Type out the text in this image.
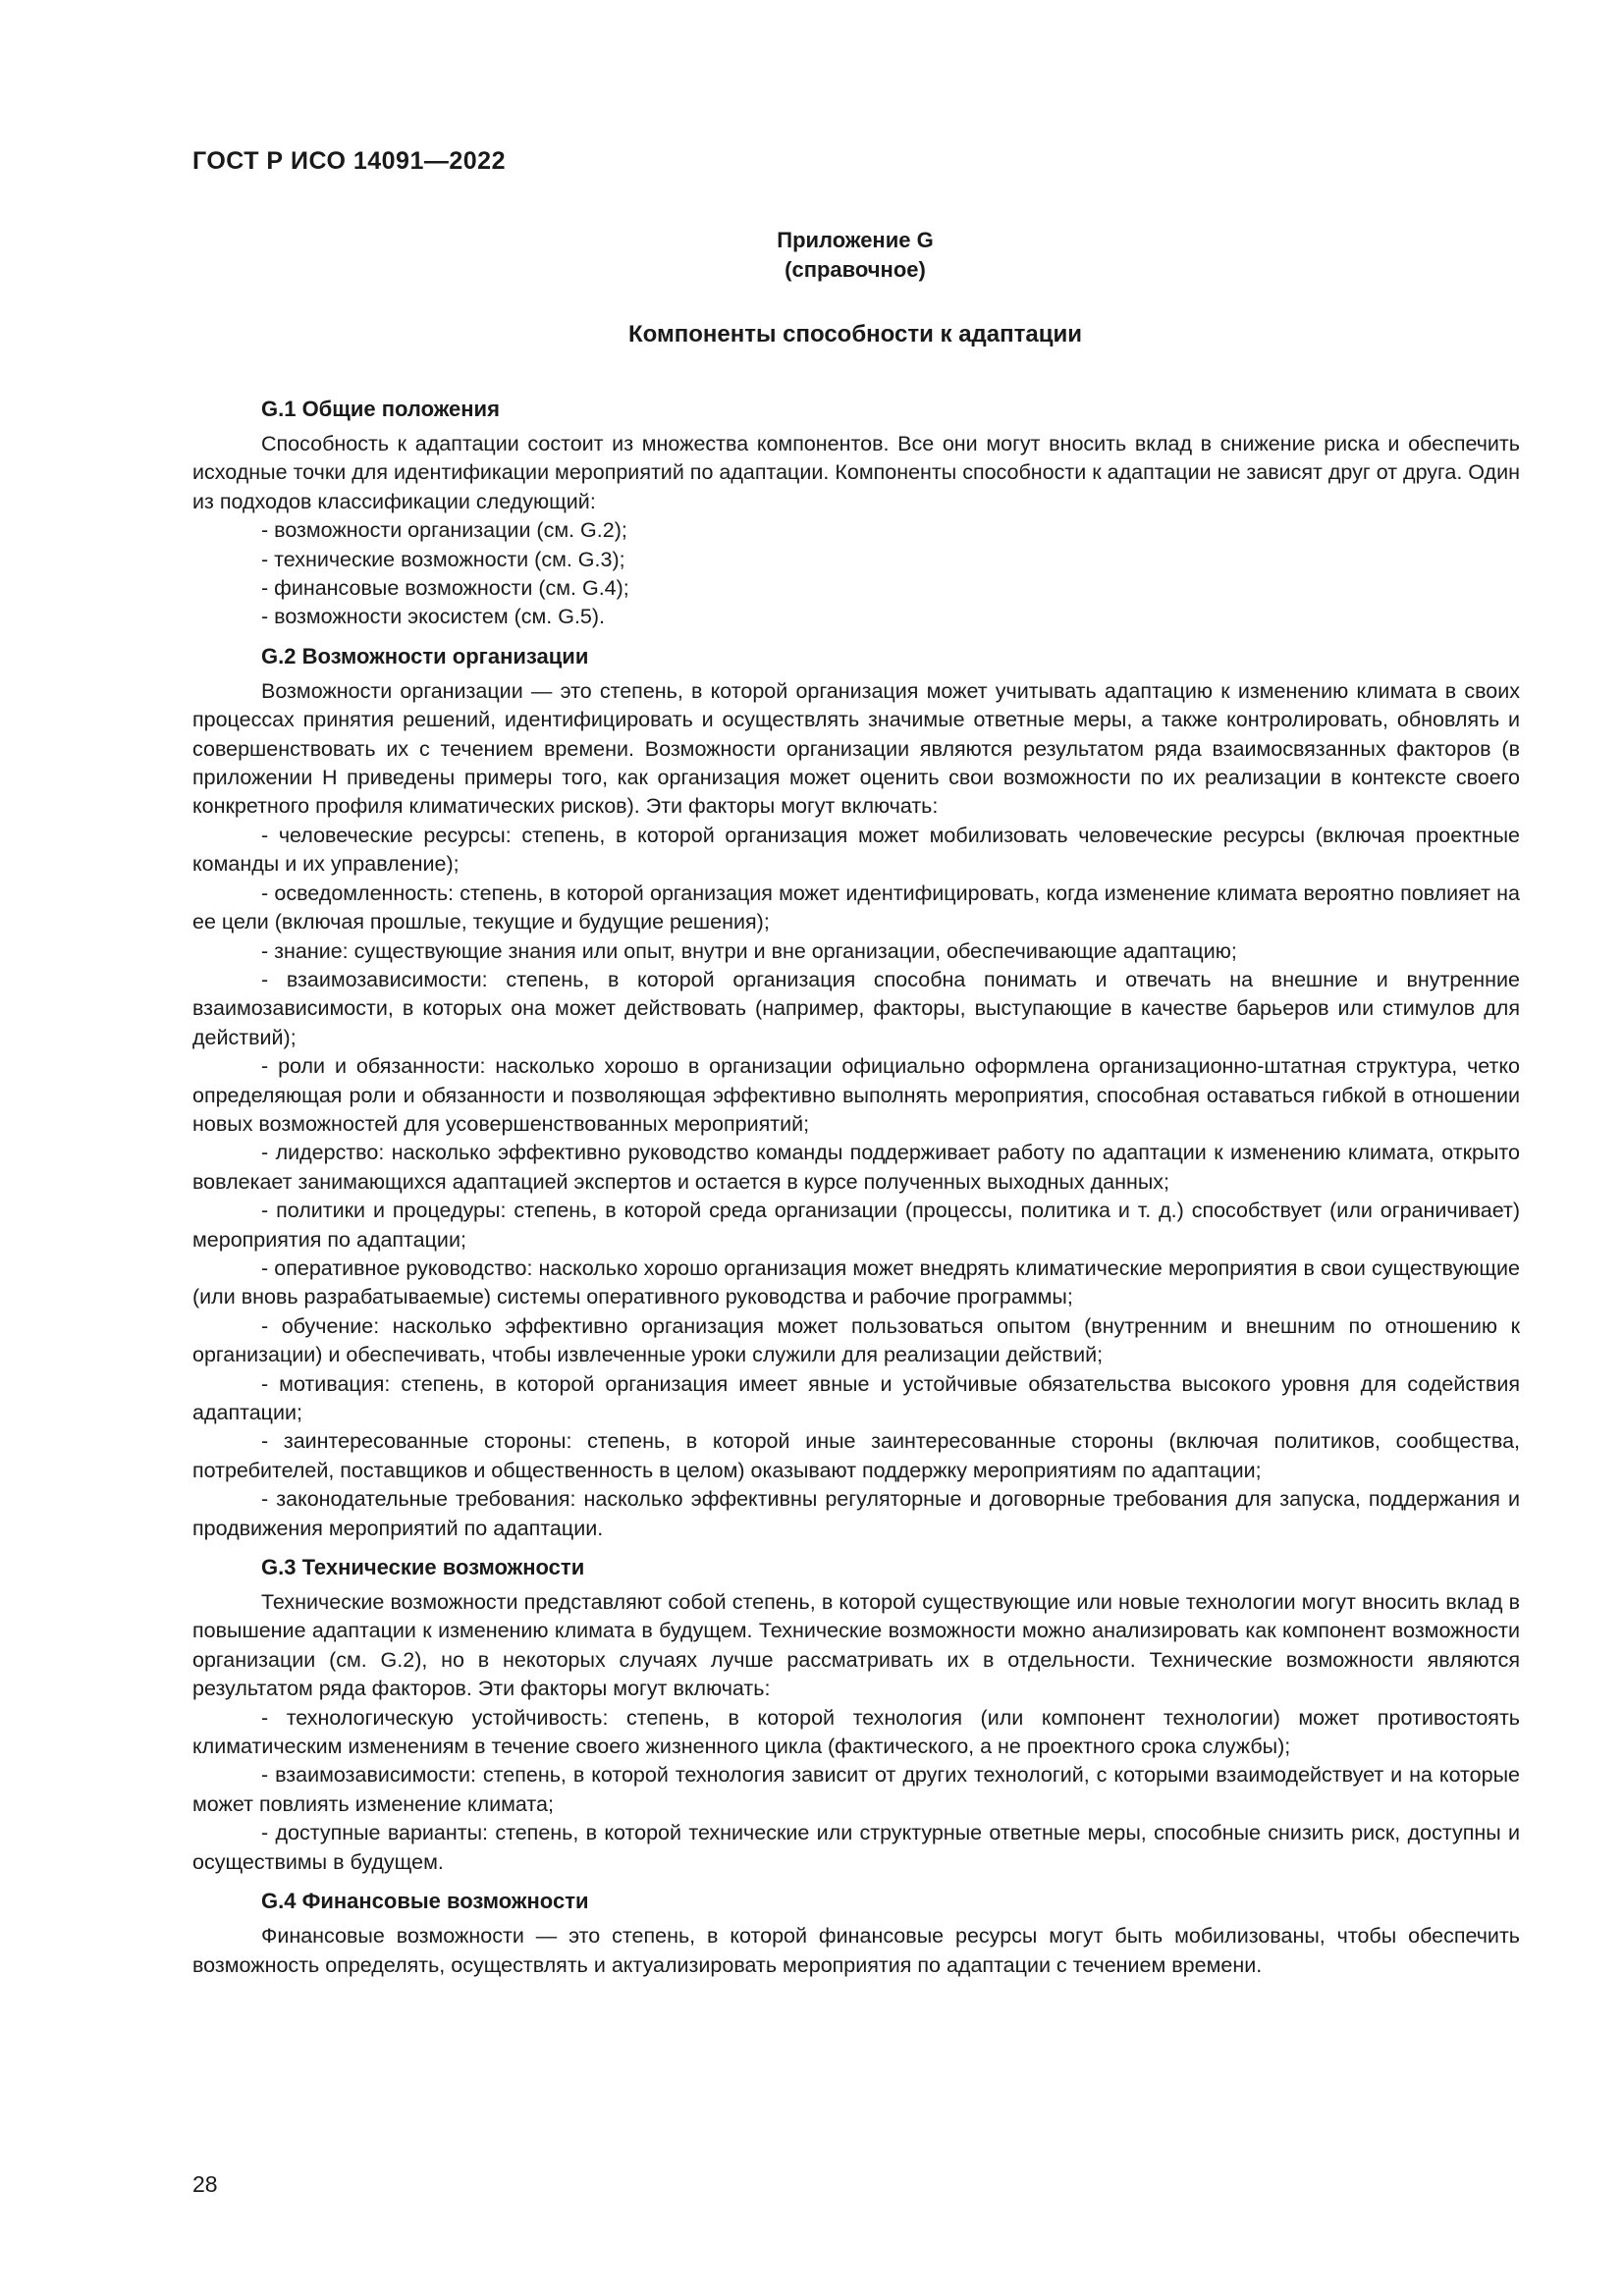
ГОСТ Р ИСО 14091—2022
Приложение G
(справочное)
Компоненты способности к адаптации
G.1 Общие положения

Способность к адаптации состоит из множества компонентов. Все они могут вносить вклад в снижение риска и обеспечить исходные точки для идентификации мероприятий по адаптации. Компоненты способности к адаптации не зависят друг от друга. Один из подходов классификации следующий:

- возможности организации (см. G.2);

- технические возможности (см. G.3);

- финансовые возможности (см. G.4);

- возможности экосистем (см. G.5).

G.2 Возможности организации

Возможности организации — это степень, в которой организация может учитывать адаптацию к изменению климата в своих процессах принятия решений, идентифицировать и осуществлять значимые ответные меры, а также контролировать, обновлять и совершенствовать их с течением времени. Возможности организации являются результатом ряда взаимосвязанных факторов (в приложении Н приведены примеры того, как организация может оценить свои возможности по их реализации в контексте своего конкретного профиля климатических рисков). Эти факторы могут включать:

- человеческие ресурсы: степень, в которой организация может мобилизовать человеческие ресурсы (включая проектные команды и их управление);

- осведомленность: степень, в которой организация может идентифицировать, когда изменение климата вероятно повлияет на ее цели (включая прошлые, текущие и будущие решения);

- знание: существующие знания или опыт, внутри и вне организации, обеспечивающие адаптацию;

- взаимозависимости: степень, в которой организация способна понимать и отвечать на внешние и внутренние взаимозависимости, в которых она может действовать (например, факторы, выступающие в качестве барьеров или стимулов для действий);

- роли и обязанности: насколько хорошо в организации официально оформлена организационно-штатная структура, четко определяющая роли и обязанности и позволяющая эффективно выполнять мероприятия, способная оставаться гибкой в отношении новых возможностей для усовершенствованных мероприятий;

- лидерство: насколько эффективно руководство команды поддерживает работу по адаптации к изменению климата, открыто вовлекает занимающихся адаптацией экспертов и остается в курсе полученных выходных данных;

- политики и процедуры: степень, в которой среда организации (процессы, политика и т. д.) способствует (или ограничивает) мероприятия по адаптации;

- оперативное руководство: насколько хорошо организация может внедрять климатические мероприятия в свои существующие (или вновь разрабатываемые) системы оперативного руководства и рабочие программы;

- обучение: насколько эффективно организация может пользоваться опытом (внутренним и внешним по отношению к организации) и обеспечивать, чтобы извлеченные уроки служили для реализации действий;

- мотивация: степень, в которой организация имеет явные и устойчивые обязательства высокого уровня для содействия адаптации;

- заинтересованные стороны: степень, в которой иные заинтересованные стороны (включая политиков, сообщества, потребителей, поставщиков и общественность в целом) оказывают поддержку мероприятиям по адаптации;

- законодательные требования: насколько эффективны регуляторные и договорные требования для запуска, поддержания и продвижения мероприятий по адаптации.

G.3 Технические возможности

Технические возможности представляют собой степень, в которой существующие или новые технологии могут вносить вклад в повышение адаптации к изменению климата в будущем. Технические возможности можно анализировать как компонент возможности организации (см. G.2), но в некоторых случаях лучше рассматривать их в отдельности. Технические возможности являются результатом ряда факторов. Эти факторы могут включать:

- технологическую устойчивость: степень, в которой технология (или компонент технологии) может противостоять климатическим изменениям в течение своего жизненного цикла (фактического, а не проектного срока службы);

- взаимозависимости: степень, в которой технология зависит от других технологий, с которыми взаимодействует и на которые может повлиять изменение климата;

- доступные варианты: степень, в которой технические или структурные ответные меры, способные снизить риск, доступны и осуществимы в будущем.

G.4 Финансовые возможности

Финансовые возможности — это степень, в которой финансовые ресурсы могут быть мобилизованы, чтобы обеспечить возможность определять, осуществлять и актуализировать мероприятия по адаптации с течением времени.

28
